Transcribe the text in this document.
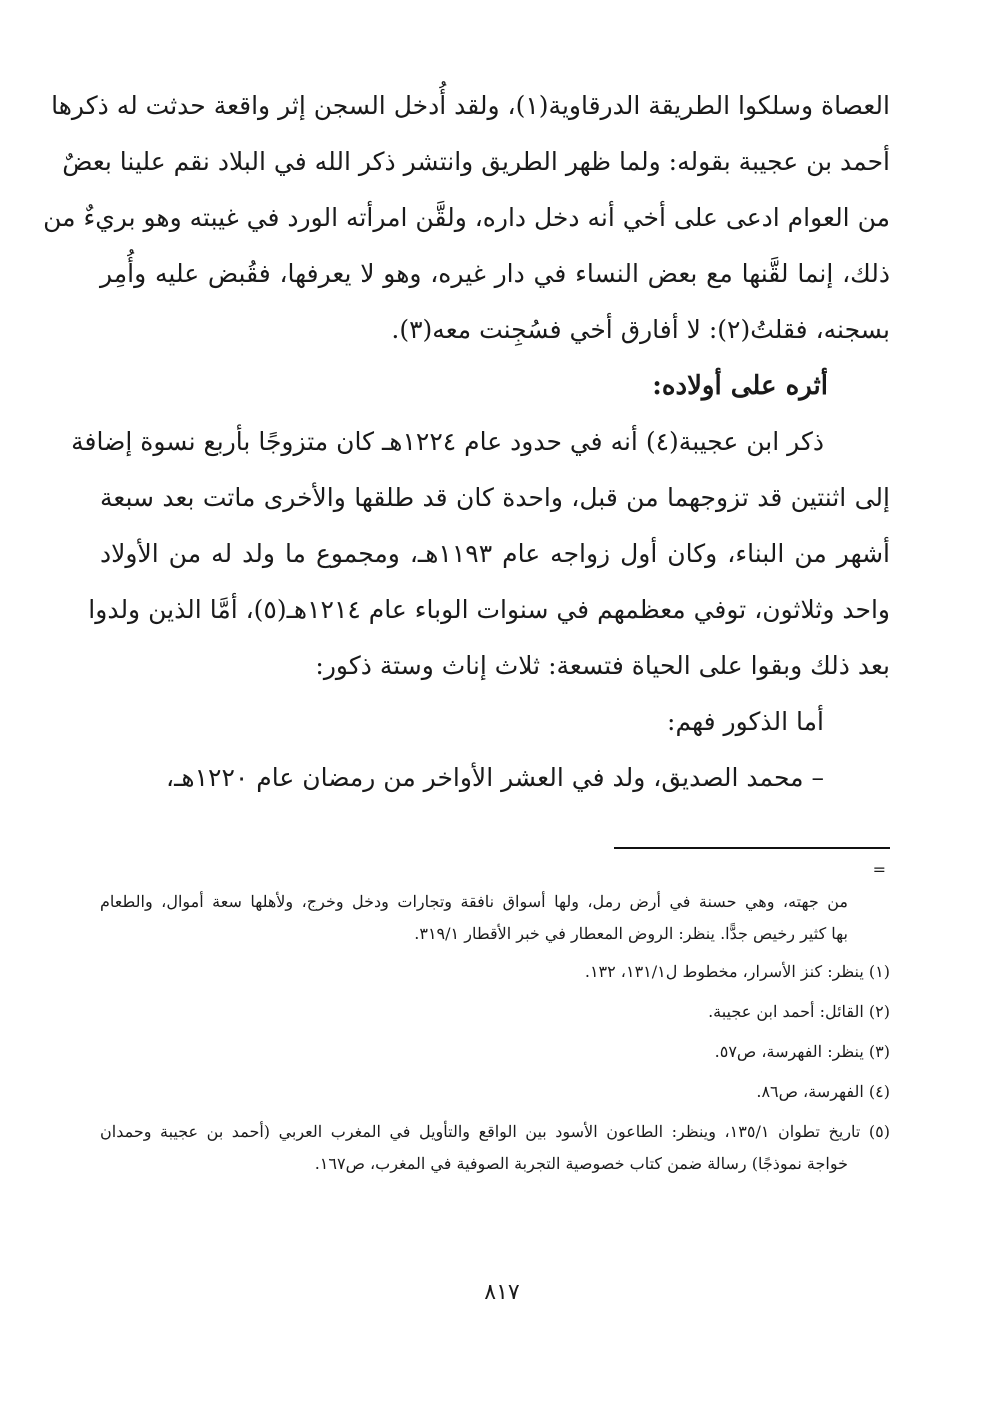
العصاة وسلكوا الطريقة الدرقاوية(١)، ولقد أُدخل السجن إثر واقعة حدثت له ذكرها
أحمد بن عجيبة بقوله: ولما ظهر الطريق وانتشر ذكر الله في البلاد نقم علينا بعضٌ
من العوام ادعى على أخي أنه دخل داره، ولقَّن امرأته الورد في غيبته وهو بريءٌ من
ذلك، إنما لقَّنها مع بعض النساء في دار غيره، وهو لا يعرفها، فقُبض عليه وأُمِر
بسجنه، فقلتُ(٢): لا أفارق أخي فسُجِنت معه(٣).
أثره على أولاده:
ذكر ابن عجيبة(٤) أنه في حدود عام ١٢٢٤هـ كان متزوجًا بأربع نسوة إضافة
إلى اثنتين قد تزوجهما من قبل، واحدة كان قد طلقها والأخرى ماتت بعد سبعة
أشهر من البناء، وكان أول زواجه عام ١١٩٣هـ، ومجموع ما ولد له من الأولاد
واحد وثلاثون، توفي معظمهم في سنوات الوباء عام ١٢١٤هـ(٥)، أمَّا الذين ولدوا
بعد ذلك وبقوا على الحياة فتسعة: ثلاث إناث وستة ذكور:
أما الذكور فهم:
– محمد الصديق، ولد في العشر الأواخر من رمضان عام ١٢٢٠هـ،
=
من جهته، وهي حسنة في أرض رمل، ولها أسواق نافقة وتجارات ودخل وخرج، ولأهلها سعة أموال، والطعام
بها كثير رخيص جدًّا. ينظر: الروض المعطار في خبر الأقطار ٣١٩/١.
(١) ينظر: كنز الأسرار، مخطوط ل١٣١/١، ١٣٢.
(٢) القائل: أحمد ابن عجيبة.
(٣) ينظر: الفهرسة، ص٥٧.
(٤) الفهرسة، ص٨٦.
(٥) تاريخ تطوان ١٣٥/١، وينظر: الطاعون الأسود بين الواقع والتأويل في المغرب العربي (أحمد بن عجيبة وحمدان
خواجة نموذجًا) رسالة ضمن كتاب خصوصية التجربة الصوفية في المغرب، ص١٦٧.
٨١٧
